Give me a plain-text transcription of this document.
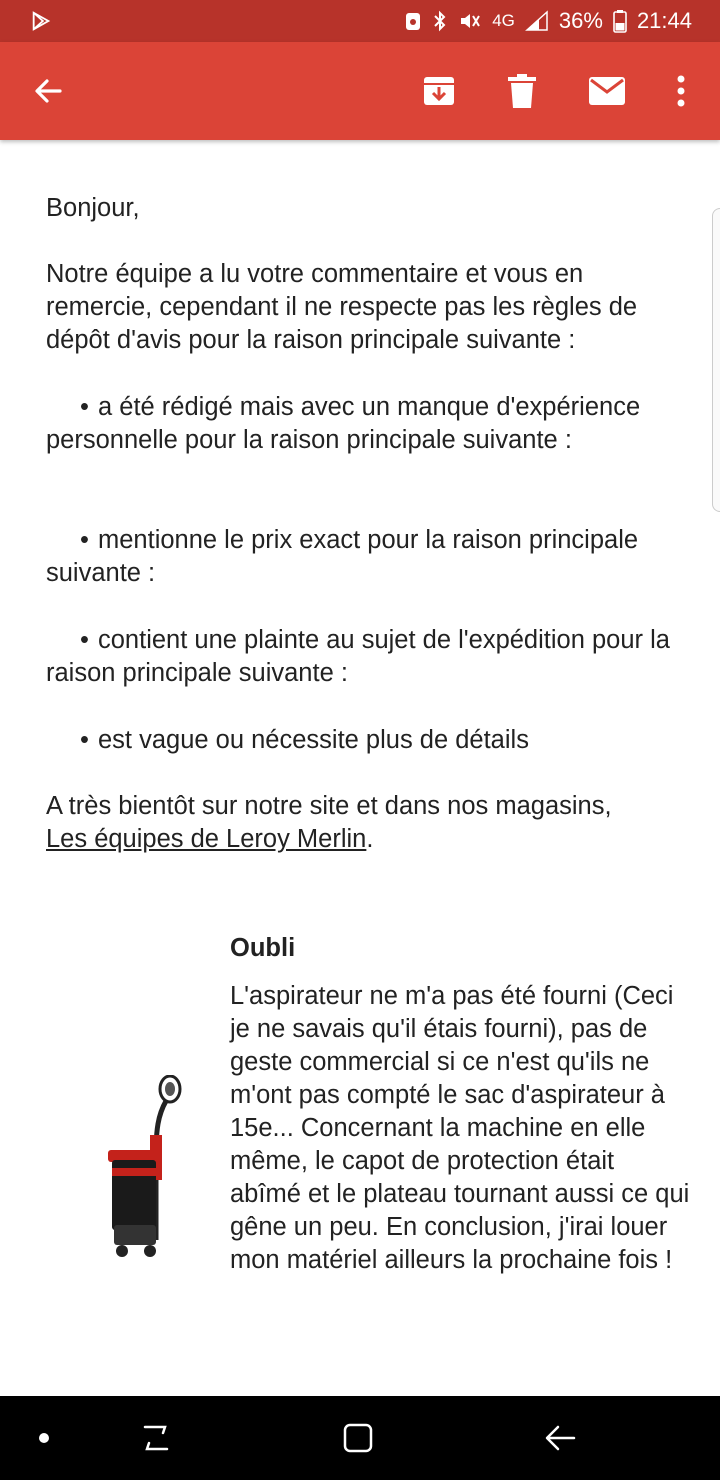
4G 36% 21:44

Bonjour,

Notre équipe a lu votre commentaire et vous en remercie, cependant il ne respecte pas les règles de dépôt d'avis pour la raison principale suivante :

• a été rédigé mais avec un manque d'expérience personnelle pour la raison principale suivante :

• mentionne le prix exact pour la raison principale suivante :

• contient une plainte au sujet de l'expédition pour la raison principale suivante :

• est vague ou nécessite plus de détails

A très bientôt sur notre site et dans nos magasins,
Les équipes de Leroy Merlin.

Oubli
L'aspirateur ne m'a pas été fourni (Ceci je ne savais qu'il étais fourni), pas de geste commercial si ce n'est qu'ils ne m'ont pas compté le sac d'aspirateur à 15e... Concernant la machine en elle même, le capot de protection était abîmé et le plateau tournant aussi ce qui gêne un peu. En conclusion, j'irai louer mon matériel ailleurs la prochaine fois !
